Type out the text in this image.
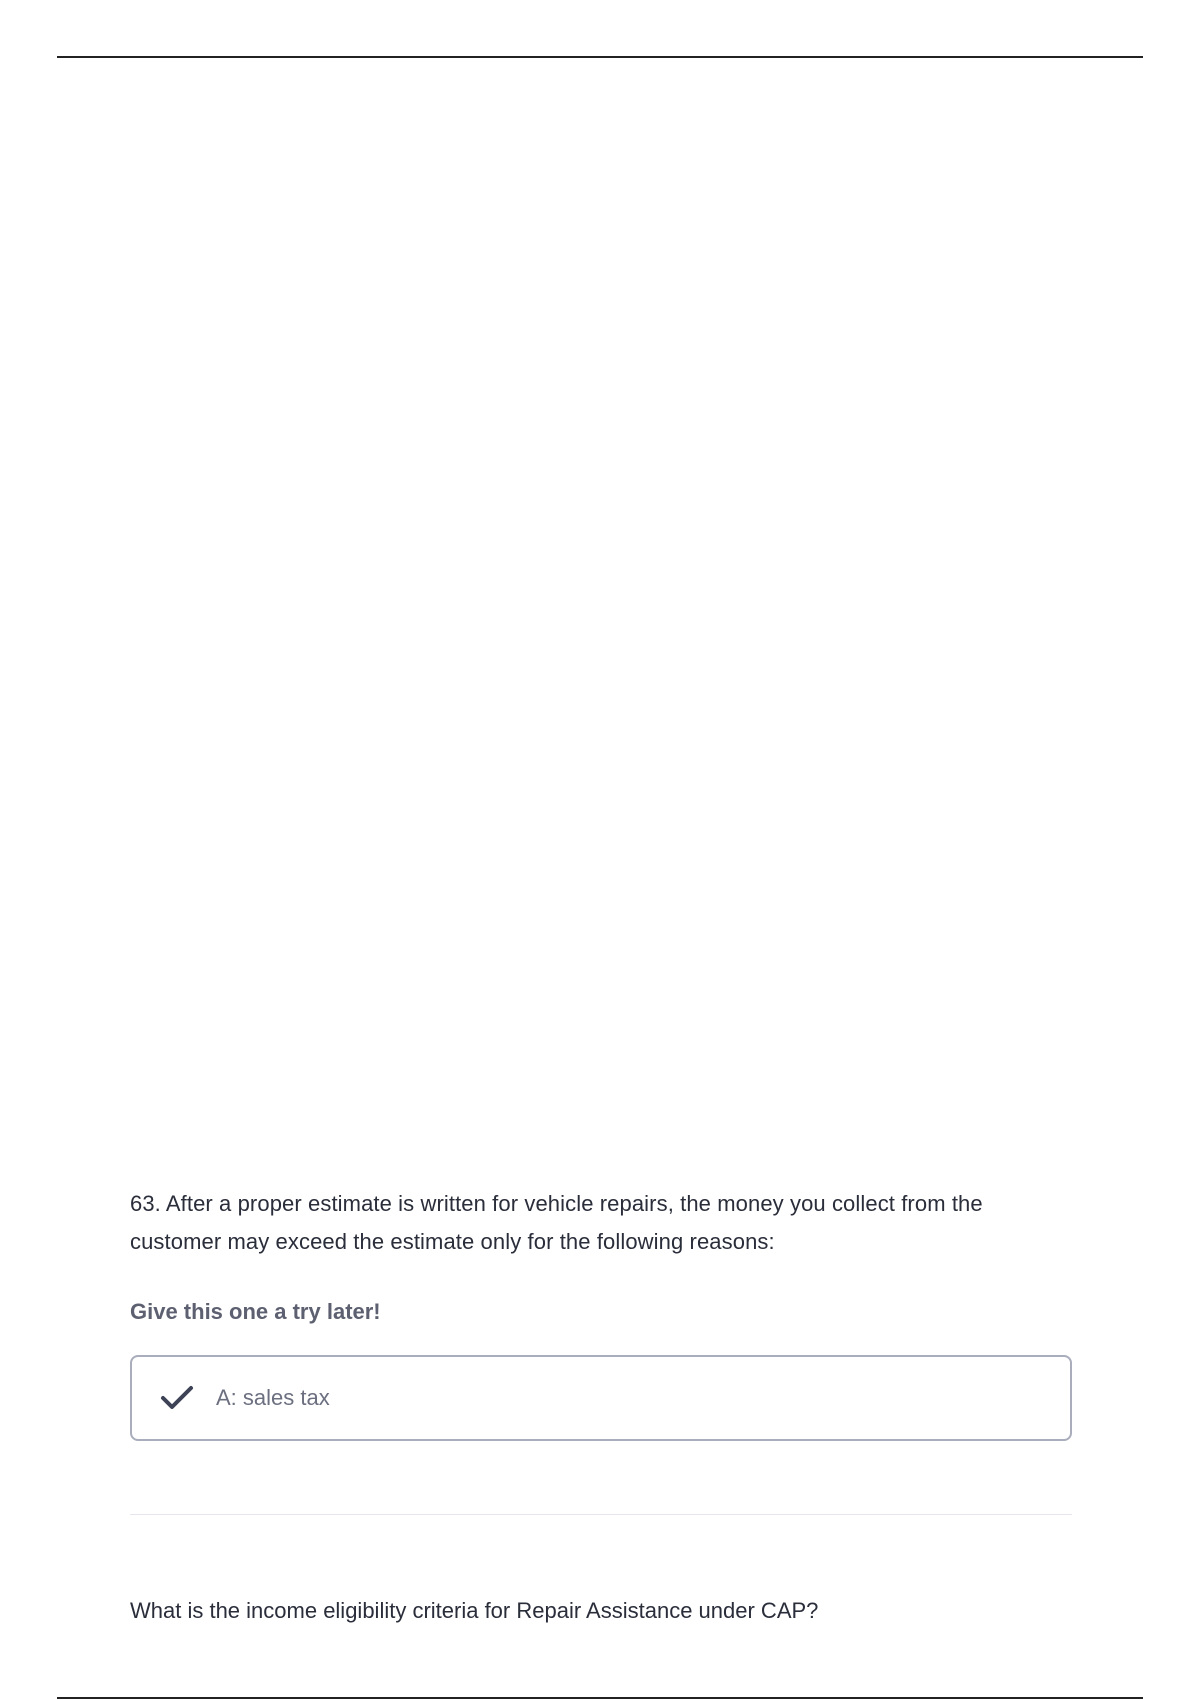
63. After a proper estimate is written for vehicle repairs, the money you collect from the customer may exceed the estimate only for the following reasons:

Give this one a try later!

A: sales tax

What is the income eligibility criteria for Repair Assistance under CAP?
